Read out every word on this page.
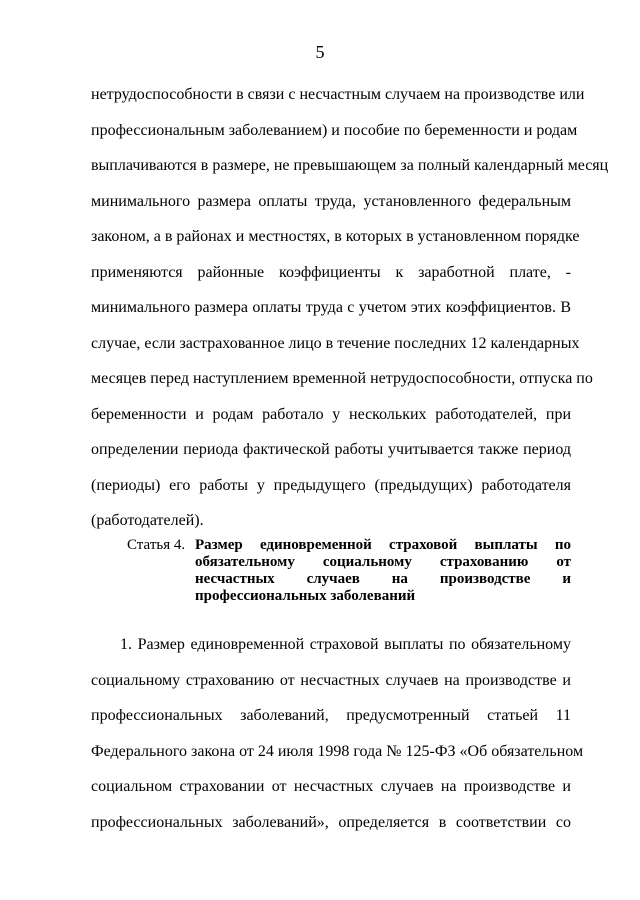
5
нетрудоспособности в связи с несчастным случаем на производстве или
профессиональным заболеванием) и пособие по беременности и родам
выплачиваются в размере, не превышающем за полный календарный месяц
минимального размера оплаты труда, установленного федеральным
законом, а в районах и местностях, в которых в установленном порядке
применяются районные коэффициенты к заработной плате, -
минимального размера оплаты труда с учетом этих коэффициентов. В
случае, если застрахованное лицо в течение последних 12 календарных
месяцев перед наступлением временной нетрудоспособности, отпуска по
беременности и родам работало у нескольких работодателей, при
определении периода фактической работы учитывается также период
(периоды) его работы у предыдущего (предыдущих) работодателя
(работодателей).
Статья 4. Размер единовременной страховой выплаты по
обязательному социальному страхованию от
несчастных случаев на производстве и
профессиональных заболеваний
1. Размер единовременной страховой выплаты по обязательному
социальному страхованию от несчастных случаев на производстве и
профессиональных заболеваний, предусмотренный статьей 11
Федерального закона от 24 июля 1998 года № 125-ФЗ «Об обязательном
социальном страховании от несчастных случаев на производстве и
профессиональных заболеваний», определяется в соответствии со
